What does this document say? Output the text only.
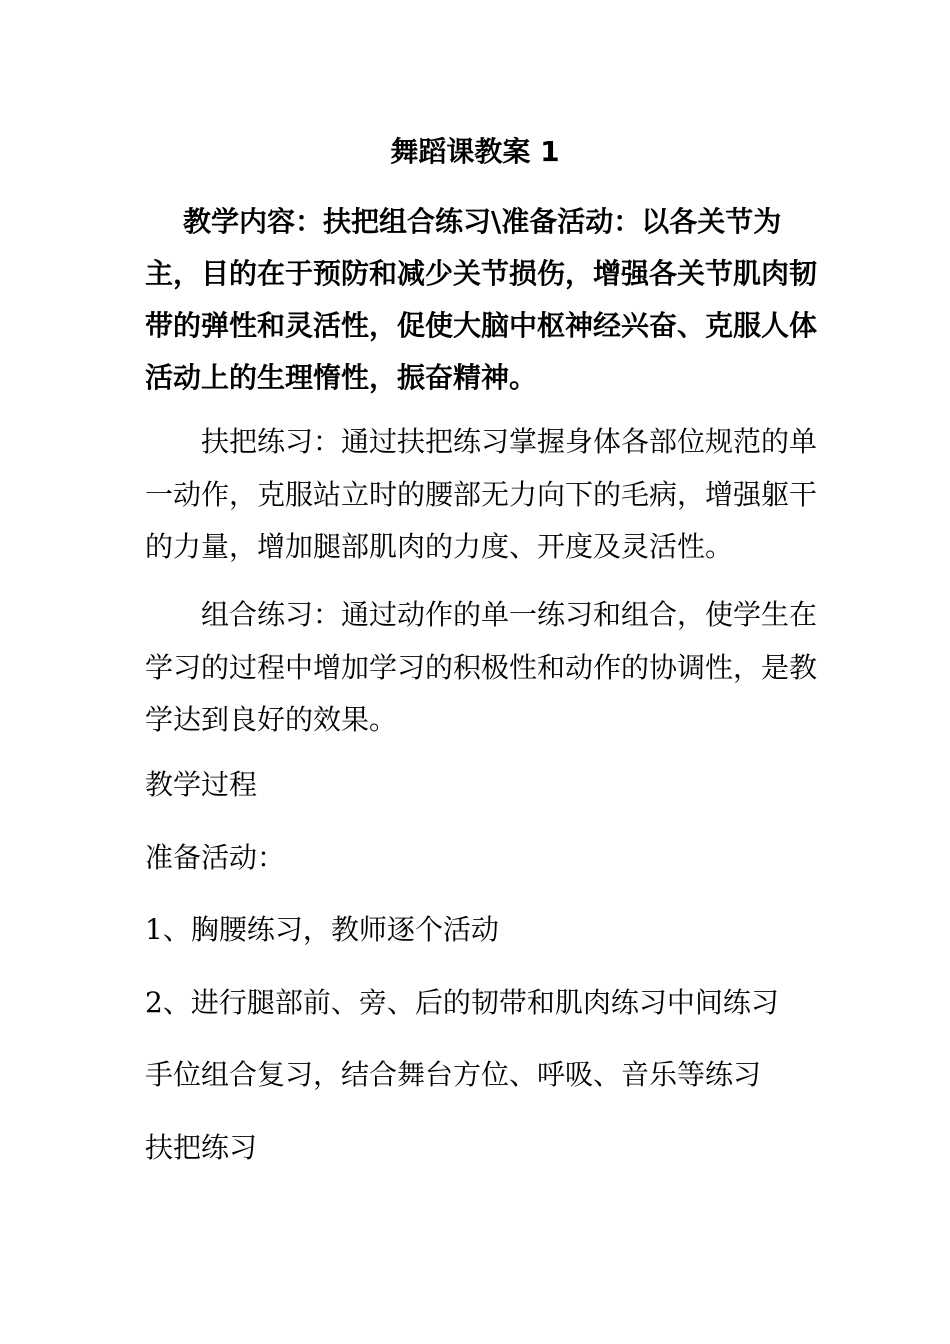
舞蹈课教案 1

教学内容：扶把组合练习\准备活动：以各关节为主，目的在于预防和减少关节损伤，增强各关节肌肉韧带的弹性和灵活性，促使大脑中枢神经兴奋、克服人体活动上的生理惰性，振奋精神。

扶把练习：通过扶把练习掌握身体各部位规范的单一动作，克服站立时的腰部无力向下的毛病，增强躯干的力量，增加腿部肌肉的力度、开度及灵活性。

组合练习：通过动作的单一练习和组合，使学生在学习的过程中增加学习的积极性和动作的协调性，是教学达到良好的效果。

教学过程

准备活动：

1、胸腰练习，教师逐个活动

2、进行腿部前、旁、后的韧带和肌肉练习中间练习

手位组合复习，结合舞台方位、呼吸、音乐等练习

扶把练习
